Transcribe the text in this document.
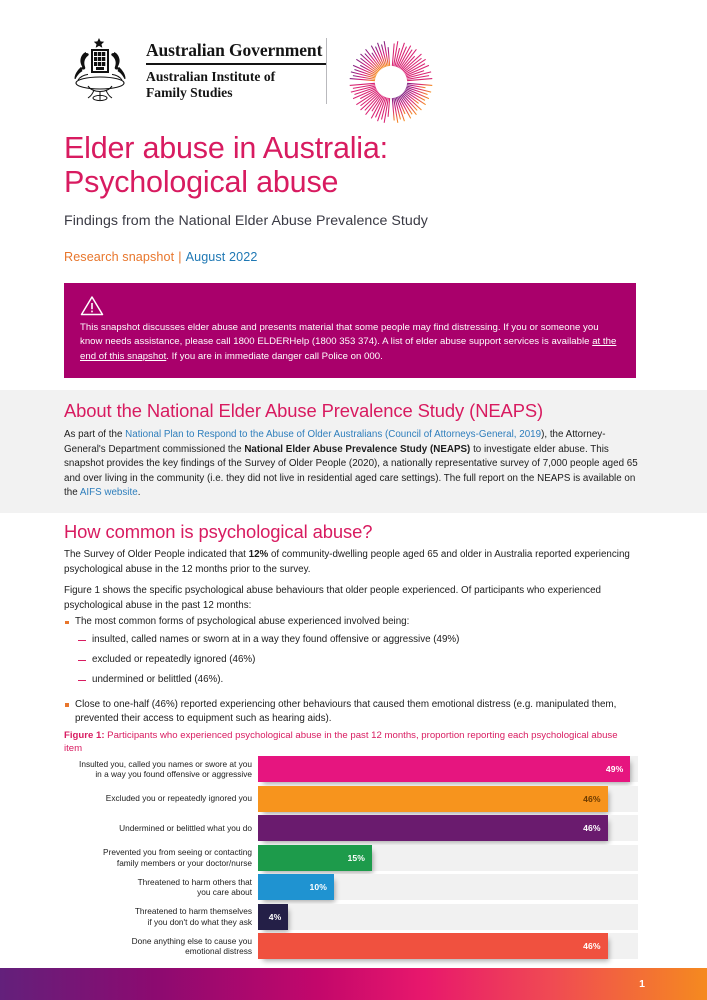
Australian Government
Australian Institute of
Family Studies
Elder abuse in Australia:
Psychological abuse
Findings from the National Elder Abuse Prevalence Study
Research snapshot | August 2022
This snapshot discusses elder abuse and presents material that some people may find distressing. If you or someone you know needs assistance, please call 1800 ELDERHelp (1800 353 374). A list of elder abuse support services is available at the end of this snapshot. If you are in immediate danger call Police on 000.
About the National Elder Abuse Prevalence Study (NEAPS)
As part of the National Plan to Respond to the Abuse of Older Australians (Council of Attorneys-General, 2019), the Attorney-General's Department commissioned the National Elder Abuse Prevalence Study (NEAPS) to investigate elder abuse. This snapshot provides the key findings of the Survey of Older People (2020), a nationally representative survey of 7,000 people aged 65 and over living in the community (i.e. they did not live in residential aged care settings). The full report on the NEAPS is available on the AIFS website.
How common is psychological abuse?
The Survey of Older People indicated that 12% of community-dwelling people aged 65 and older in Australia reported experiencing psychological abuse in the 12 months prior to the survey.
Figure 1 shows the specific psychological abuse behaviours that older people experienced. Of participants who experienced psychological abuse in the past 12 months:
The most common forms of psychological abuse experienced involved being:
insulted, called names or sworn at in a way they found offensive or aggressive (49%)
excluded or repeatedly ignored (46%)
undermined or belittled (46%).
Close to one-half (46%) reported experiencing other behaviours that caused them emotional distress (e.g. manipulated them, prevented their access to equipment such as hearing aids).
Figure 1: Participants who experienced psychological abuse in the past 12 months, proportion reporting each psychological abuse item
Insulted you, called you names or swore at you
in a way you found offensive or aggressive	49%
Excluded you or repeatedly ignored you	46%
Undermined or belittled what you do	46%
Prevented you from seeing or contacting
family members or your doctor/nurse	15%
Threatened to harm others that
you care about	10%
Threatened to harm themselves
if you don't do what they ask 4%
Done anything else to cause you
emotional distress	46%
1
